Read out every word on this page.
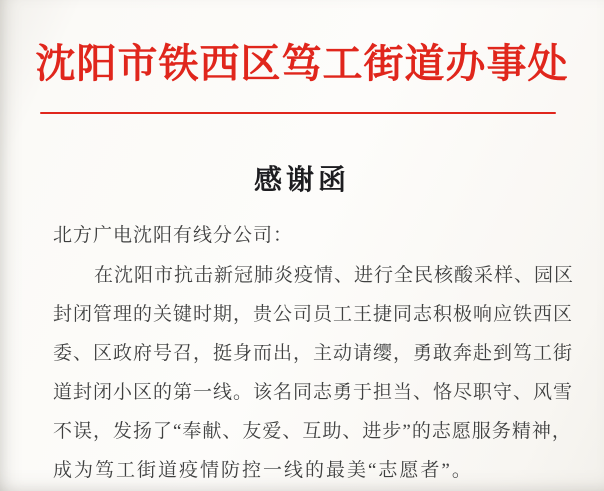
沈阳市铁西区笃工街道办事处
感谢函
北方广电沈阳有线分公司：
在沈阳市抗击新冠肺炎疫情、进行全民核酸采样、园区
封闭管理的关键时期，贵公司员工王捷同志积极响应铁西区
委、区政府号召，挺身而出，主动请缨，勇敢奔赴到笃工街
道封闭小区的第一线。该名同志勇于担当、恪尽职守、风雪
不误，发扬了“奉献、友爱、互助、进步”的志愿服务精神，
成为笃工街道疫情防控一线的最美“志愿者”。
